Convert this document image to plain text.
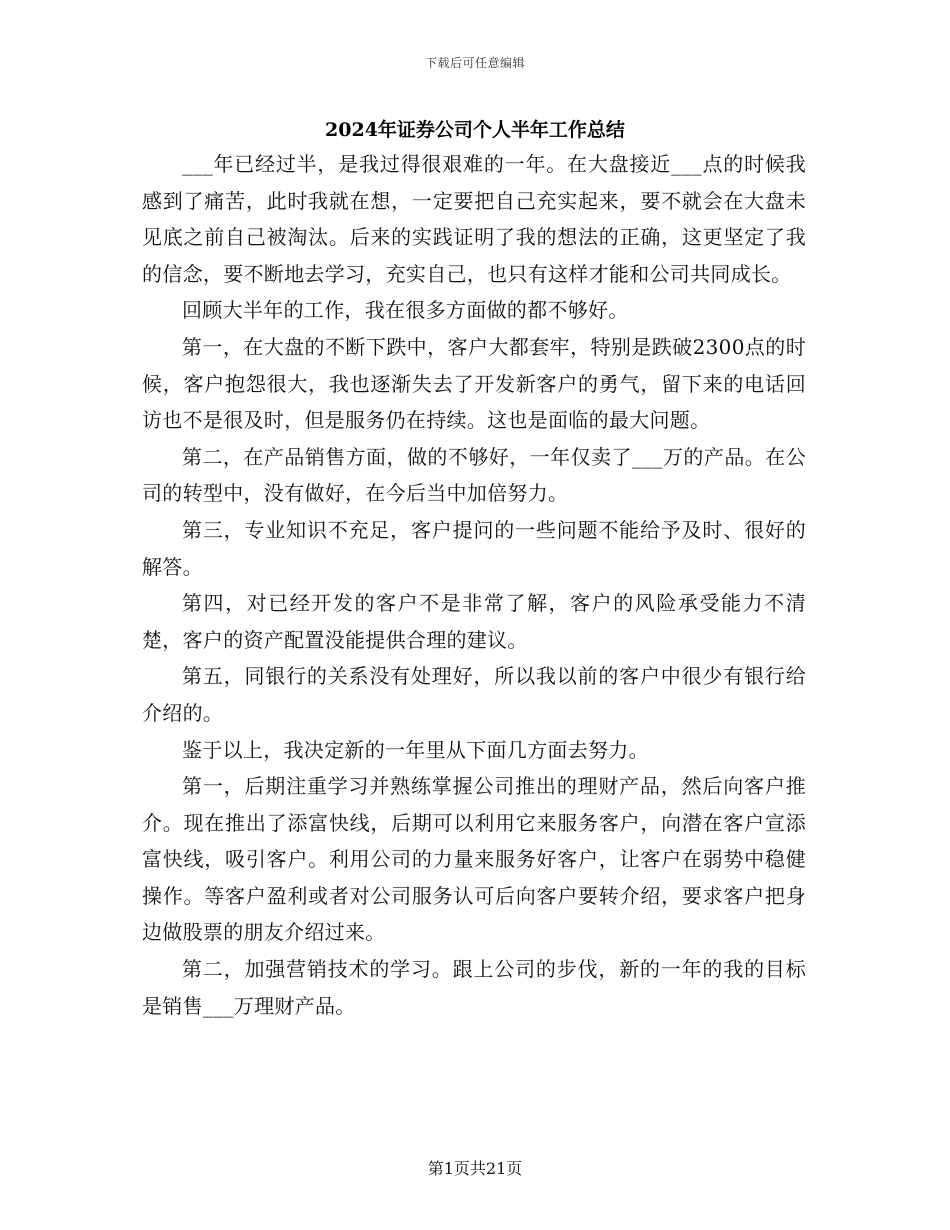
下载后可任意编辑
2024年证券公司个人半年工作总结

___年已经过半，是我过得很艰难的一年。在大盘接近___点的时候我感到了痛苦，此时我就在想，一定要把自己充实起来，要不就会在大盘未见底之前自己被淘汰。后来的实践证明了我的想法的正确，这更坚定了我的信念，要不断地去学习，充实自己，也只有这样才能和公司共同成长。

回顾大半年的工作，我在很多方面做的都不够好。

第一，在大盘的不断下跌中，客户大都套牢，特别是跌破2300点的时候，客户抱怨很大，我也逐渐失去了开发新客户的勇气，留下来的电话回访也不是很及时，但是服务仍在持续。这也是面临的最大问题。

第二，在产品销售方面，做的不够好，一年仅卖了___万的产品。在公司的转型中，没有做好，在今后当中加倍努力。

第三，专业知识不充足，客户提问的一些问题不能给予及时、很好的解答。

第四，对已经开发的客户不是非常了解，客户的风险承受能力不清楚，客户的资产配置没能提供合理的建议。

第五，同银行的关系没有处理好，所以我以前的客户中很少有银行给介绍的。

鉴于以上，我决定新的一年里从下面几方面去努力。

第一，后期注重学习并熟练掌握公司推出的理财产品，然后向客户推介。现在推出了添富快线，后期可以利用它来服务客户，向潜在客户宣添富快线，吸引客户。利用公司的力量来服务好客户，让客户在弱势中稳健操作。等客户盈利或者对公司服务认可后向客户要转介绍，要求客户把身边做股票的朋友介绍过来。

第二，加强营销技术的学习。跟上公司的步伐，新的一年的我的目标是销售___万理财产品。

第1页共21页
